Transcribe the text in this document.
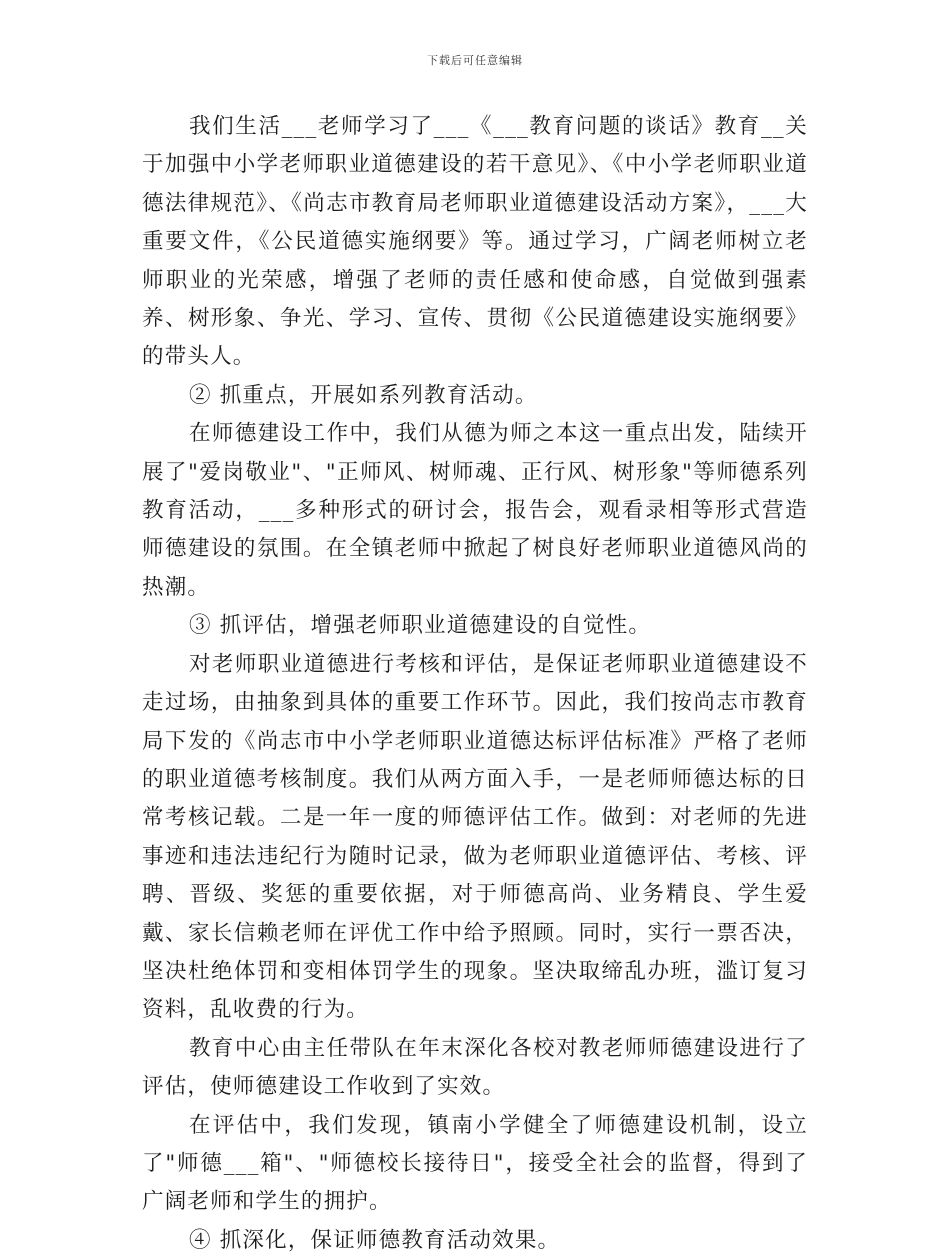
下载后可任意编辑

我们生活___老师学习了___《___教育问题的谈话》教育__关于加强中小学老师职业道德建设的若干意见》、《中小学老师职业道德法律规范》、《尚志市教育局老师职业道德建设活动方案》，___大重要文件，《公民道德实施纲要》等。通过学习，广阔老师树立老师职业的光荣感，增强了老师的责任感和使命感，自觉做到强素养、树形象、争光、学习、宣传、贯彻《公民道德建设实施纲要》的带头人。

② 抓重点，开展如系列教育活动。

在师德建设工作中，我们从德为师之本这一重点出发，陆续开展了"爱岗敬业"、"正师风、树师魂、正行风、树形象"等师德系列教育活动，___多种形式的研讨会，报告会，观看录相等形式营造师德建设的氛围。在全镇老师中掀起了树良好老师职业道德风尚的热潮。

③ 抓评估，增强老师职业道德建设的自觉性。

对老师职业道德进行考核和评估，是保证老师职业道德建设不走过场，由抽象到具体的重要工作环节。因此，我们按尚志市教育局下发的《尚志市中小学老师职业道德达标评估标准》严格了老师的职业道德考核制度。我们从两方面入手，一是老师师德达标的日常考核记载。二是一年一度的师德评估工作。做到：对老师的先进事迹和违法违纪行为随时记录，做为老师职业道德评估、考核、评聘、晋级、奖惩的重要依据，对于师德高尚、业务精良、学生爱戴、家长信赖老师在评优工作中给予照顾。同时，实行一票否决，坚决杜绝体罚和变相体罚学生的现象。坚决取缔乱办班，滥订复习资料，乱收费的行为。

教育中心由主任带队在年末深化各校对教老师师德建设进行了评估，使师德建设工作收到了实效。

在评估中，我们发现，镇南小学健全了师德建设机制，设立了"师德___箱"、"师德校长接待日"，接受全社会的监督，得到了广阔老师和学生的拥护。

④ 抓深化，保证师德教育活动效果。
